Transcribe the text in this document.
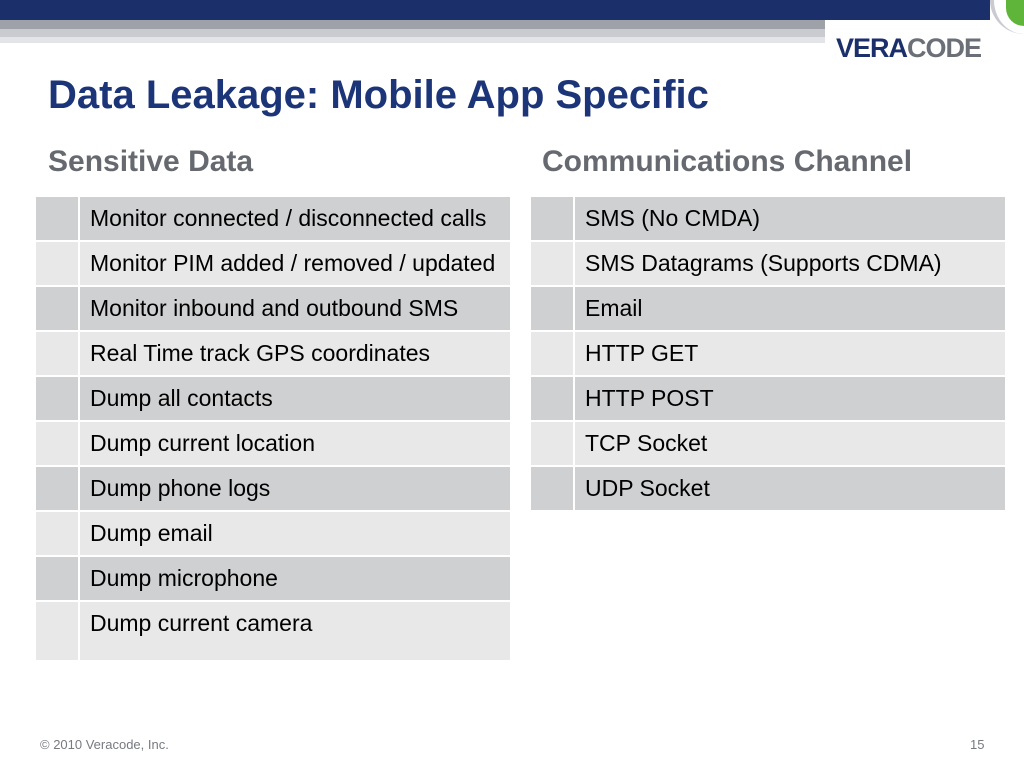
VERACODE
Data Leakage: Mobile App Specific
Sensitive Data	Communications Channel
	Monitor connected / disconnected calls
	Monitor PIM added / removed / updated
	Monitor inbound and outbound SMS
	Real Time track GPS coordinates
	Dump all contacts
	Dump current location
	Dump phone logs
	Dump email
	Dump microphone
	Dump current camera
	SMS (No CMDA)
	SMS Datagrams (Supports CDMA)
	Email
	HTTP GET
	HTTP POST
	TCP Socket
	UDP Socket
© 2010 Veracode, Inc.	15
